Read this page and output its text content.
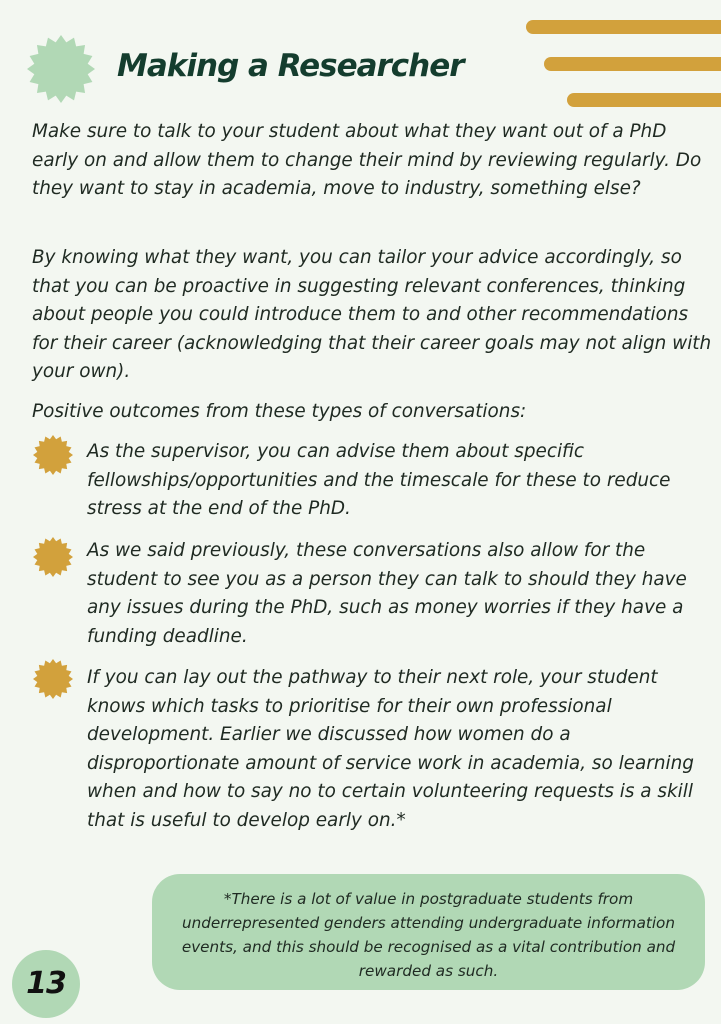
Making a Researcher

Make sure to talk to your student about what they want out of a PhD early on and allow them to change their mind by reviewing regularly. Do they want to stay in academia, move to industry, something else?

By knowing what they want, you can tailor your advice accordingly, so that you can be proactive in suggesting relevant conferences, thinking about people you could introduce them to and other recommendations for their career (acknowledging that their career goals may not align with your own).

Positive outcomes from these types of conversations:

As the supervisor, you can advise them about specific fellowships/opportunities and the timescale for these to reduce stress at the end of the PhD.

As we said previously, these conversations also allow for the student to see you as a person they can talk to should they have any issues during the PhD, such as money worries if they have a funding deadline.

If you can lay out the pathway to their next role, your student knows which tasks to prioritise for their own professional development. Earlier we discussed how women do a disproportionate amount of service work in academia, so learning when and how to say no to certain volunteering requests is a skill that is useful to develop early on.*

*There is a lot of value in postgraduate students from underrepresented genders attending undergraduate information events, and this should be recognised as a vital contribution and rewarded as such.
13
